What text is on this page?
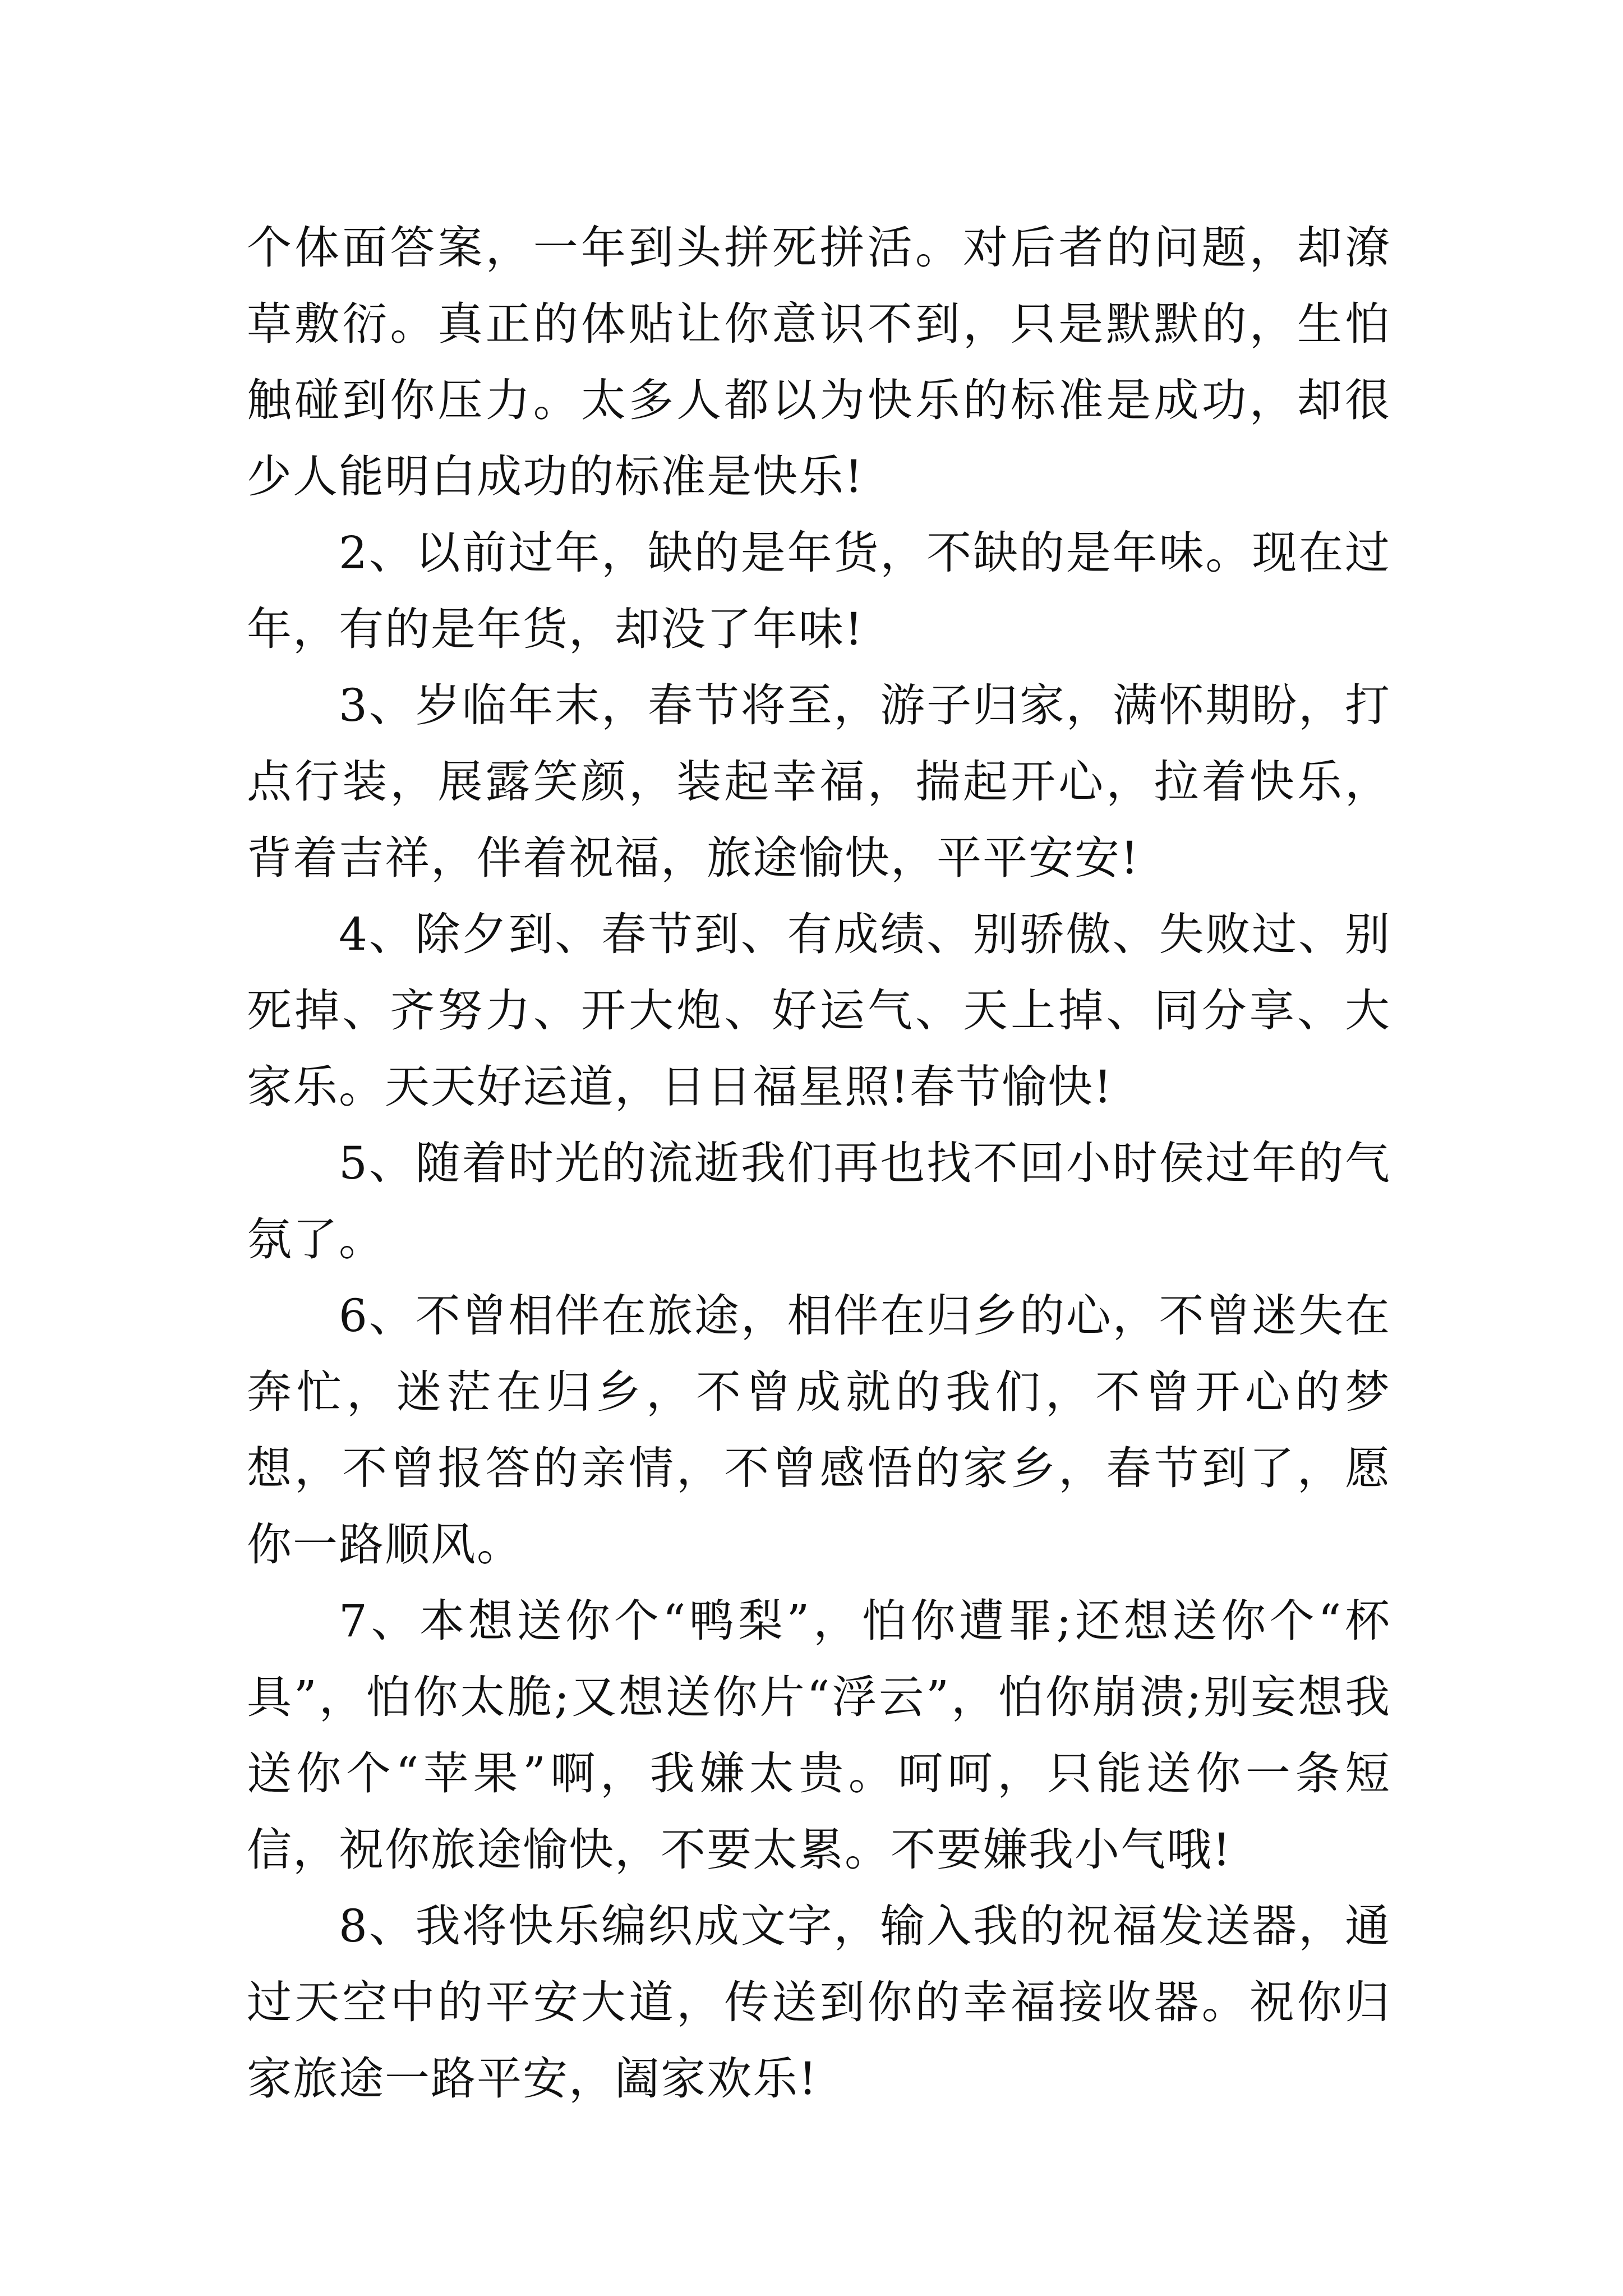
个体面答案，一年到头拼死拼活。对后者的问题，却潦草敷衍。真正的体贴让你意识不到，只是默默的，生怕触碰到你压力。太多人都以为快乐的标准是成功，却很少人能明白成功的标准是快乐!

2、以前过年，缺的是年货，不缺的是年味。现在过年，有的是年货，却没了年味!

3、岁临年末，春节将至，游子归家，满怀期盼，打点行装，展露笑颜，装起幸福，揣起开心，拉着快乐，背着吉祥，伴着祝福，旅途愉快，平平安安!

4、除夕到、春节到、有成绩、别骄傲、失败过、别死掉、齐努力、开大炮、好运气、天上掉、同分享、大家乐。天天好运道，日日福星照!春节愉快!

5、随着时光的流逝我们再也找不回小时侯过年的气氛了。

6、不曾相伴在旅途，相伴在归乡的心，不曾迷失在奔忙，迷茫在归乡，不曾成就的我们，不曾开心的梦想，不曾报答的亲情，不曾感悟的家乡，春节到了，愿你一路顺风。

7、本想送你个“鸭梨”，怕你遭罪;还想送你个“杯具”，怕你太脆;又想送你片“浮云”，怕你崩溃;别妄想我送你个“苹果”啊，我嫌太贵。呵呵，只能送你一条短信，祝你旅途愉快，不要太累。不要嫌我小气哦!

8、我将快乐编织成文字，输入我的祝福发送器，通过天空中的平安大道，传送到你的幸福接收器。祝你归家旅途一路平安，阖家欢乐!
